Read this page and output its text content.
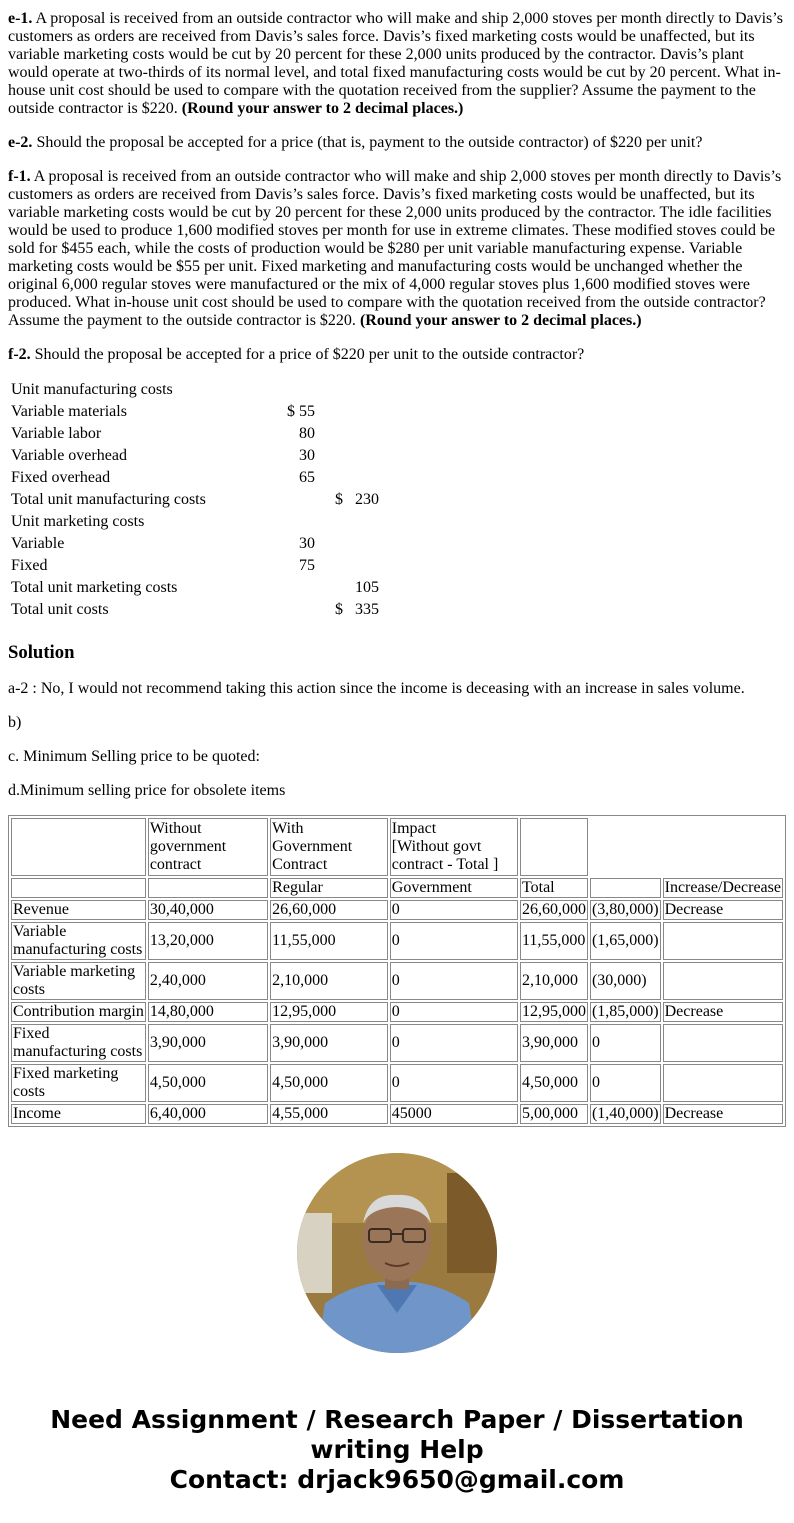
e-1. A proposal is received from an outside contractor who will make and ship 2,000 stoves per month directly to Davis’s customers as orders are received from Davis’s sales force. Davis’s fixed marketing costs would be unaffected, but its variable marketing costs would be cut by 20 percent for these 2,000 units produced by the contractor. Davis’s plant would operate at two-thirds of its normal level, and total fixed manufacturing costs would be cut by 20 percent. What in-house unit cost should be used to compare with the quotation received from the supplier? Assume the payment to the outside contractor is $220. (Round your answer to 2 decimal places.)

e-2. Should the proposal be accepted for a price (that is, payment to the outside contractor) of $220 per unit?

f-1. A proposal is received from an outside contractor who will make and ship 2,000 stoves per month directly to Davis’s customers as orders are received from Davis’s sales force. Davis’s fixed marketing costs would be unaffected, but its variable marketing costs would be cut by 20 percent for these 2,000 units produced by the contractor. The idle facilities would be used to produce 1,600 modified stoves per month for use in extreme climates. These modified stoves could be sold for $455 each, while the costs of production would be $280 per unit variable manufacturing expense. Variable marketing costs would be $55 per unit. Fixed marketing and manufacturing costs would be unchanged whether the original 6,000 regular stoves were manufactured or the mix of 4,000 regular stoves plus 1,600 modified stoves were produced. What in-house unit cost should be used to compare with the quotation received from the outside contractor? Assume the payment to the outside contractor is $220. (Round your answer to 2 decimal places.)

f-2. Should the proposal be accepted for a price of $220 per unit to the outside contractor?

Unit manufacturing costs		
Variable materials	$ 55	
Variable labor	80	
Variable overhead	30	
Fixed overhead	65	
Total unit manufacturing costs		$   230
Unit marketing costs		
Variable	30	
Fixed	75	
Total unit marketing costs		105
Total unit costs		$   335
Solution

a-2 : No, I would not recommend taking this action since the income is deceasing with an increase in sales volume.

b)

c. Minimum Selling price to be quoted:

d.Minimum selling price for obsolete items

	Without government contract	With Government Contract	Impact
[Without govt contract - Total ]			
		Regular	Government	Total		Increase/Decrease
Revenue	30,40,000	26,60,000	0	26,60,000	(3,80,000)	Decrease
Variable manufacturing costs	13,20,000	11,55,000	0	11,55,000	(1,65,000)	
Variable marketing costs	2,40,000	2,10,000	0	2,10,000	(30,000)	
Contribution margin	14,80,000	12,95,000	0	12,95,000	(1,85,000)	Decrease
Fixed manufacturing costs	3,90,000	3,90,000	0	3,90,000	0	
Fixed marketing costs	4,50,000	4,50,000	0	4,50,000	0	
Income	6,40,000	4,55,000	45000	5,00,000	(1,40,000)	Decrease
Need Assignment / Research Paper / Dissertation
writing Help
Contact: drjack9650@gmail.com
